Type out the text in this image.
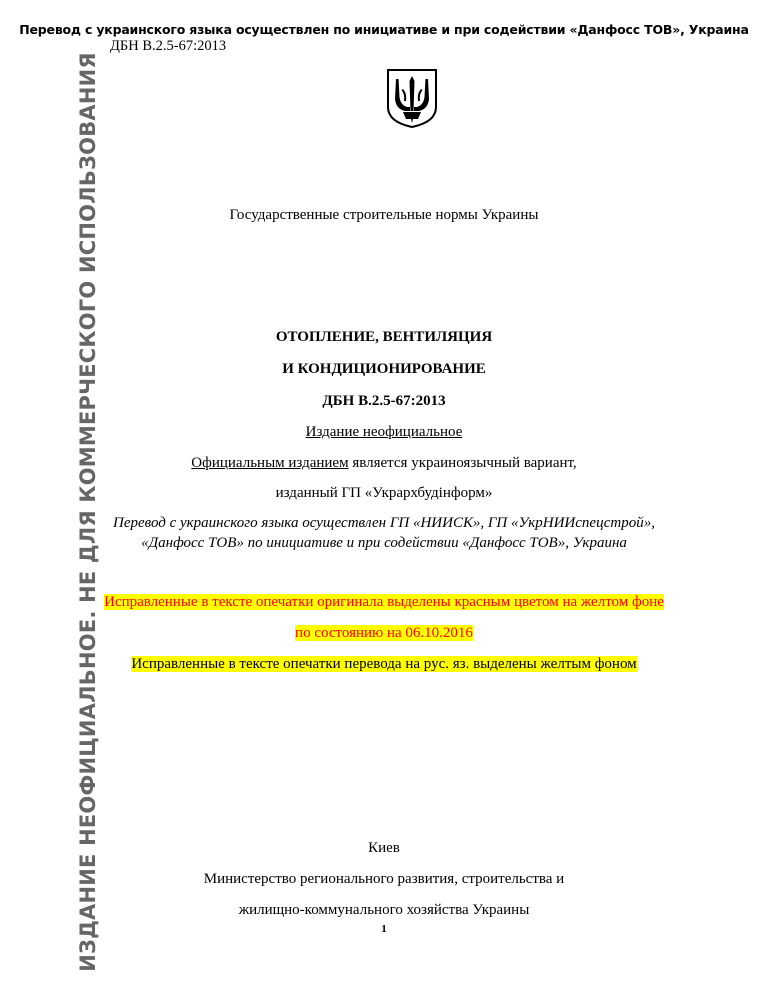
Перевод с украинского языка осуществлен по инициативе и при содействии «Данфосс ТОВ», Украина
ДБН В.2.5-67:2013
ИЗДАНИЕ НЕОФИЦИАЛЬНОЕ. НЕ ДЛЯ КОММЕРЧЕСКОГО ИСПОЛЬЗОВАНИЯ	Государственные строительные нормы Украины
ОТОПЛЕНИЕ, ВЕНТИЛЯЦИЯ
И КОНДИЦИОНИРОВАНИЕ
ДБН В.2.5-67:2013
Издание неофициальное
Официальным изданием является украиноязычный вариант,
изданный ГП «Укрархбудінформ»
Перевод с украинского языка осуществлен ГП «НИИСК», ГП «УкрНИИспецстрой»,
«Данфосс ТОВ» по инициативе и при содействии «Данфосс ТОВ», Украина
Исправленные в тексте опечатки оригинала выделены красным цветом на желтом фоне
по состоянию на 06.10.2016
Исправленные в тексте опечатки перевода на рус. яз. выделены желтым фоном
Киев
Министерство регионального развития, строительства и
жилищно-коммунального хозяйства Украины
1
